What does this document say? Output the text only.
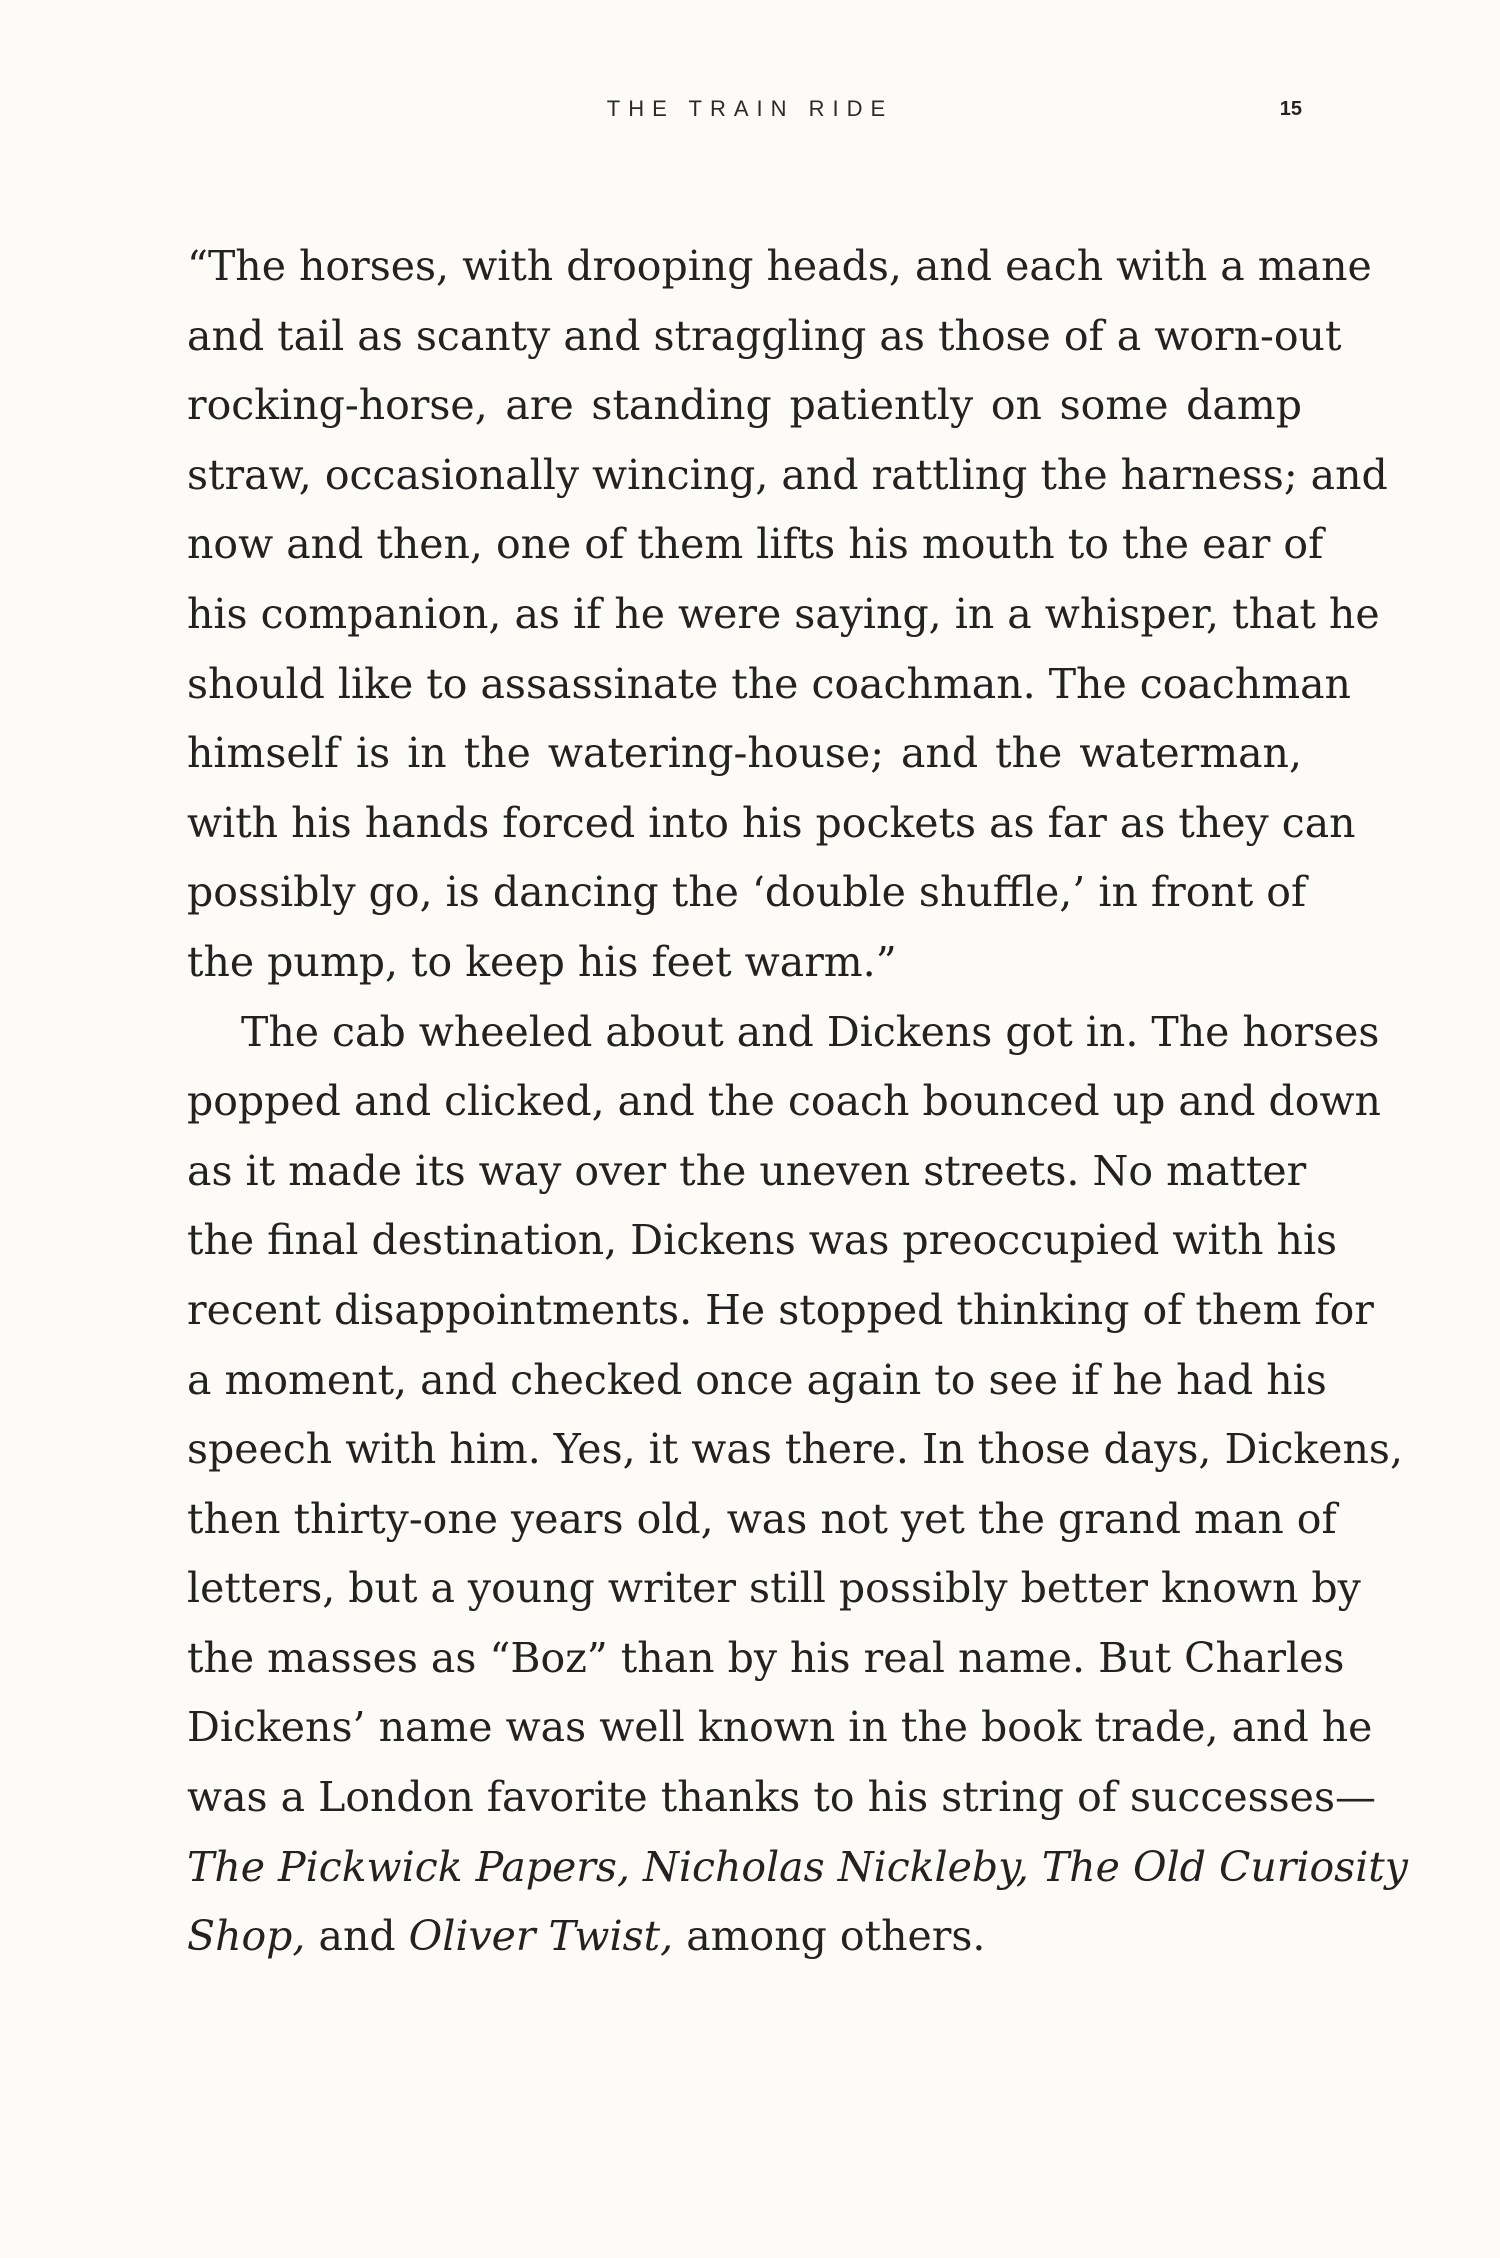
THE TRAIN RIDE	15
“The horses, with drooping heads, and each with a mane
and tail as scanty and straggling as those of a worn-out
rocking-horse, are standing patiently on some damp
straw, occasionally wincing, and rattling the harness; and
now and then, one of them lifts his mouth to the ear of
his companion, as if he were saying, in a whisper, that he
should like to assassinate the coachman. The coachman
himself is in the watering-house; and the waterman,
with his hands forced into his pockets as far as they can
possibly go, is dancing the ‘double shuffle,’ in front of
the pump, to keep his feet warm.”
The cab wheeled about and Dickens got in. The horses
popped and clicked, and the coach bounced up and down
as it made its way over the uneven streets. No matter
the final destination, Dickens was preoccupied with his
recent disappointments. He stopped thinking of them for
a moment, and checked once again to see if he had his
speech with him. Yes, it was there. In those days, Dickens,
then thirty-one years old, was not yet the grand man of
letters, but a young writer still possibly better known by
the masses as “Boz” than by his real name. But Charles
Dickens’ name was well known in the book trade, and he
was a London favorite thanks to his string of successes—
The Pickwick Papers, Nicholas Nickleby, The Old Curiosity
Shop, and Oliver Twist, among others.
